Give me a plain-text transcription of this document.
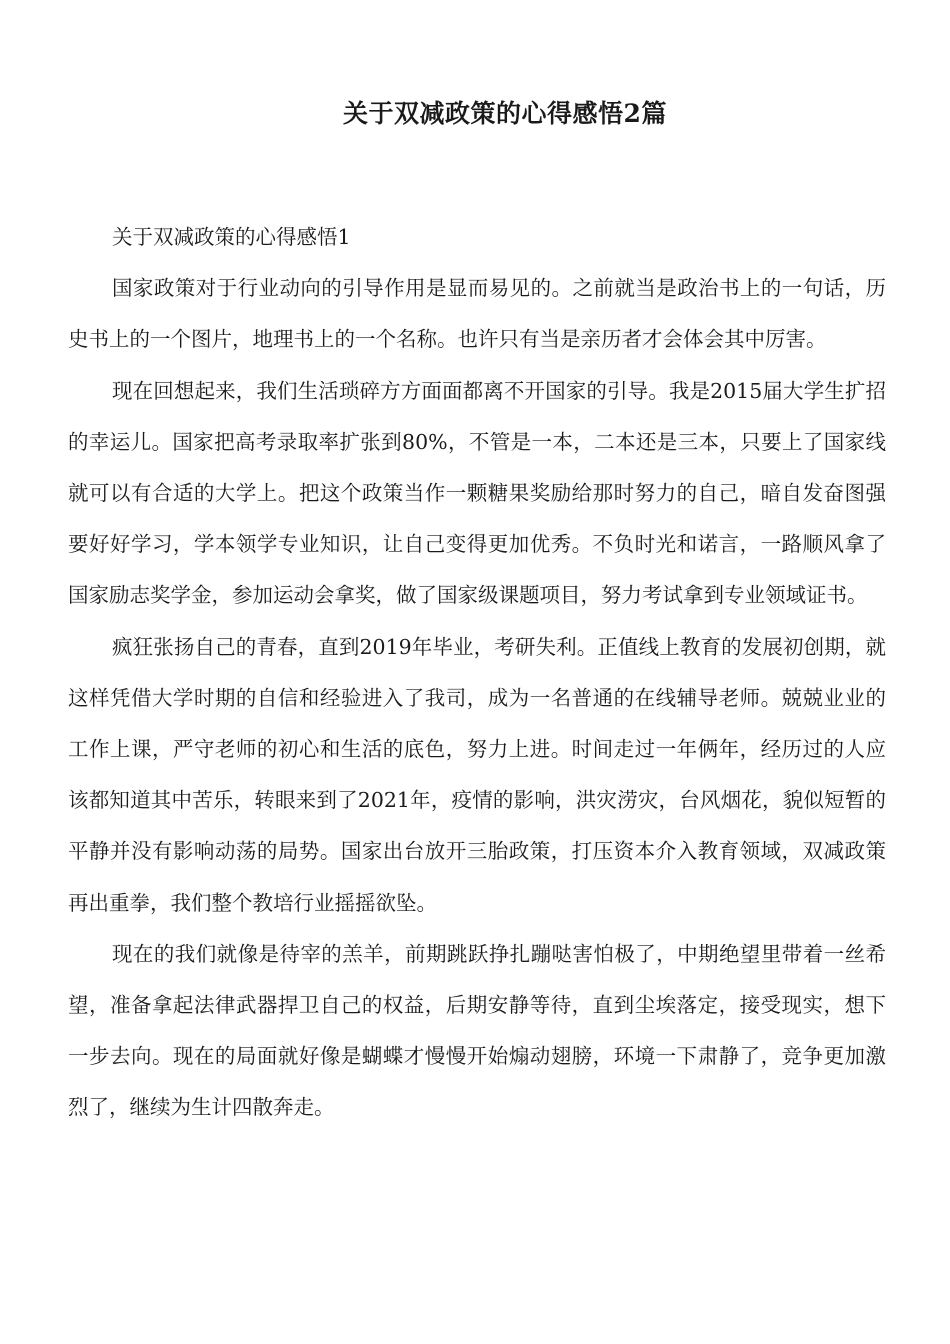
关于双减政策的心得感悟2篇
关于双减政策的心得感悟1

国家政策对于行业动向的引导作用是显而易见的。之前就当是政治书上的一句话，历史书上的一个图片，地理书上的一个名称。也许只有当是亲历者才会体会其中厉害。

现在回想起来，我们生活琐碎方方面面都离不开国家的引导。我是2015届大学生扩招的幸运儿。国家把高考录取率扩张到80%，不管是一本，二本还是三本，只要上了国家线就可以有合适的大学上。把这个政策当作一颗糖果奖励给那时努力的自己，暗自发奋图强要好好学习，学本领学专业知识，让自己变得更加优秀。不负时光和诺言，一路顺风拿了国家励志奖学金，参加运动会拿奖，做了国家级课题项目，努力考试拿到专业领域证书。

疯狂张扬自己的青春，直到2019年毕业，考研失利。正值线上教育的发展初创期，就这样凭借大学时期的自信和经验进入了我司，成为一名普通的在线辅导老师。兢兢业业的工作上课，严守老师的初心和生活的底色，努力上进。时间走过一年俩年，经历过的人应该都知道其中苦乐，转眼来到了2021年，疫情的影响，洪灾涝灾，台风烟花，貌似短暂的平静并没有影响动荡的局势。国家出台放开三胎政策，打压资本介入教育领域，双减政策再出重拳，我们整个教培行业摇摇欲坠。

现在的我们就像是待宰的羔羊，前期跳跃挣扎蹦哒害怕极了，中期绝望里带着一丝希望，准备拿起法律武器捍卫自己的权益，后期安静等待，直到尘埃落定，接受现实，想下一步去向。现在的局面就好像是蝴蝶才慢慢开始煽动翅膀，环境一下肃静了，竞争更加激烈了，继续为生计四散奔走。
